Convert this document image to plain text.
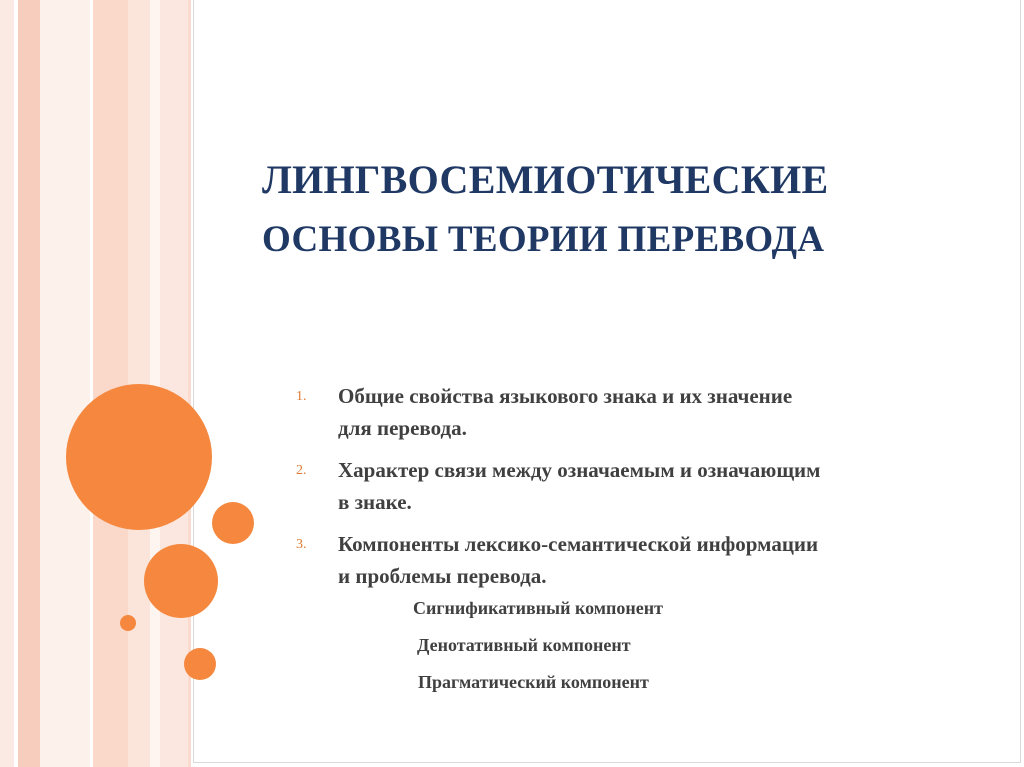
ЛИНГВОСЕМИОТИЧЕСКИЕ
ОСНОВЫ ТЕОРИИ ПЕРЕВОДА
1. Общие свойства языкового знака и их значение
для перевода.
2. Характер связи между означаемым и означающим
в знаке.
3. Компоненты лексико-семантической информации
и проблемы перевода.
Сигнификативный компонент
Денотативный компонент
Прагматический компонент
